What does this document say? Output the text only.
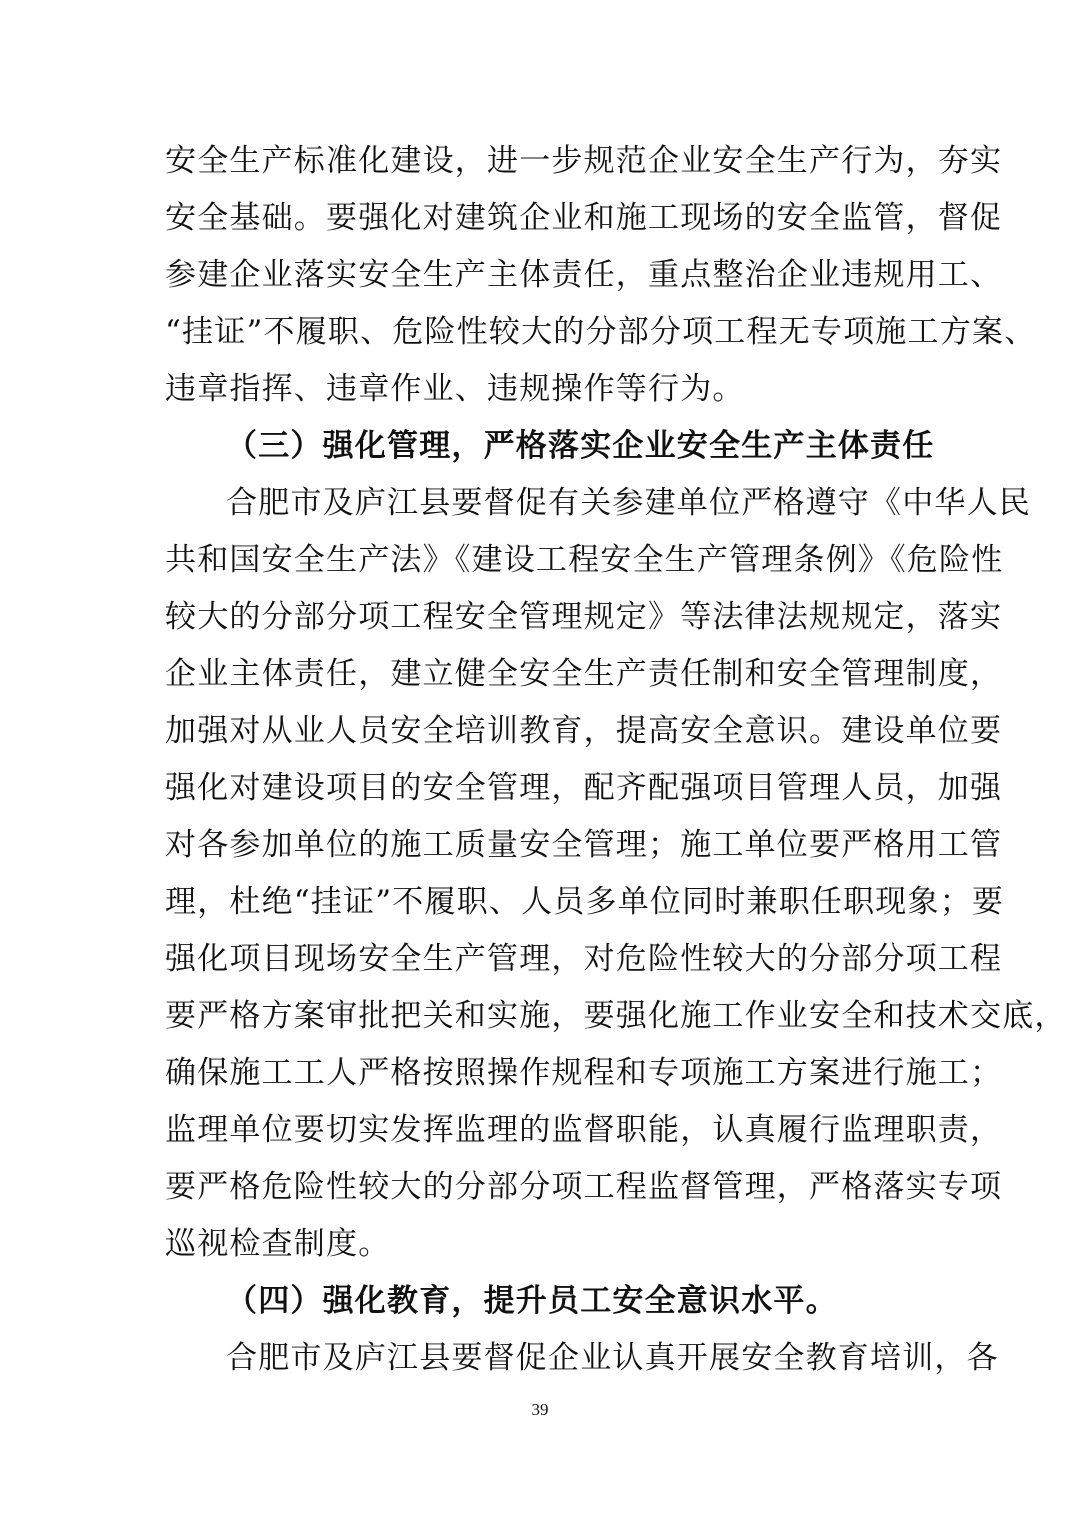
安全生产标准化建设，进一步规范企业安全生产行为，夯实
安全基础。要强化对建筑企业和施工现场的安全监管，督促
参建企业落实安全生产主体责任，重点整治企业违规用工、
“挂证”不履职、危险性较大的分部分项工程无专项施工方案、
违章指挥、违章作业、违规操作等行为。
（三）强化管理，严格落实企业安全生产主体责任
合肥市及庐江县要督促有关参建单位严格遵守《中华人民
共和国安全生产法》《建设工程安全生产管理条例》《危险性
较大的分部分项工程安全管理规定》等法律法规规定，落实
企业主体责任，建立健全安全生产责任制和安全管理制度，
加强对从业人员安全培训教育，提高安全意识。建设单位要
强化对建设项目的安全管理，配齐配强项目管理人员，加强
对各参加单位的施工质量安全管理；施工单位要严格用工管
理，杜绝“挂证”不履职、人员多单位同时兼职任职现象；要
强化项目现场安全生产管理，对危险性较大的分部分项工程
要严格方案审批把关和实施，要强化施工作业安全和技术交底，
确保施工工人严格按照操作规程和专项施工方案进行施工；
监理单位要切实发挥监理的监督职能，认真履行监理职责，
要严格危险性较大的分部分项工程监督管理，严格落实专项
巡视检查制度。
（四）强化教育，提升员工安全意识水平。
合肥市及庐江县要督促企业认真开展安全教育培训，各
39
